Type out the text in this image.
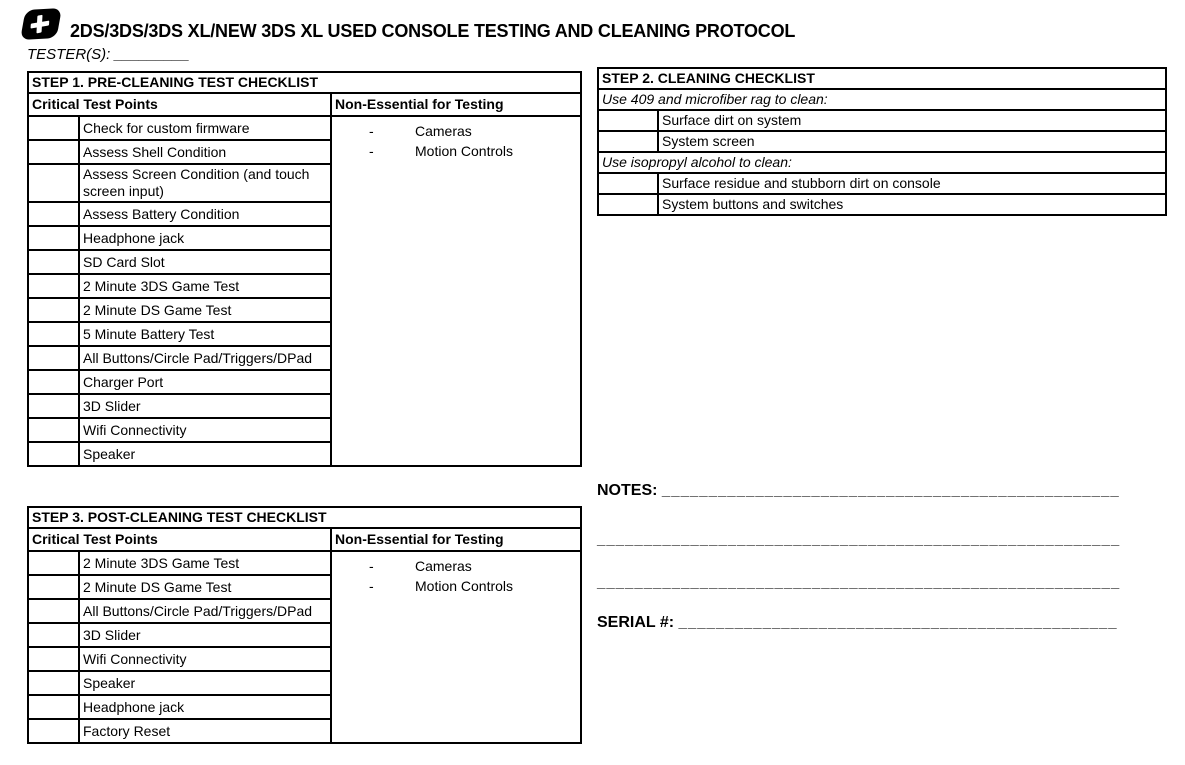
2DS/3DS/3DS XL/NEW 3DS XL USED CONSOLE TESTING AND CLEANING PROTOCOL
TESTER(S): _________
STEP 1. PRE-CLEANING TEST CHECKLIST		
Critical Test Points		Non-Essential for Testing
	Check for custom firmware	- Cameras
- Motion Controls

	Assess Shell Condition	
	Assess Screen Condition (and touch screen input)	
	Assess Battery Condition	
	Headphone jack	
	SD Card Slot	
	2 Minute 3DS Game Test	
	2 Minute DS Game Test	
	5 Minute Battery Test	
	All Buttons/Circle Pad/Triggers/DPad	
	Charger Port	
	3D Slider	
	Wifi Connectivity	
	Speaker	
STEP 2. CLEANING CHECKLIST	
Use 409 and microfiber rag to clean:	
	Surface dirt on system
	System screen
Use isopropyl alcohol to clean:	
	Surface residue and stubborn dirt on console
	System buttons and switches
STEP 3. POST-CLEANING TEST CHECKLIST		
Critical Test Points		Non-Essential for Testing
	2 Minute 3DS Game Test	- Cameras
- Motion Controls

	2 Minute DS Game Test	
	All Buttons/Circle Pad/Triggers/DPad	
	3D Slider	
	Wifi Connectivity	
	Speaker	
	Headphone jack	
	Factory Reset	
NOTES: _________________________________________________
________________________________________________________
________________________________________________________
SERIAL #: _______________________________________________
